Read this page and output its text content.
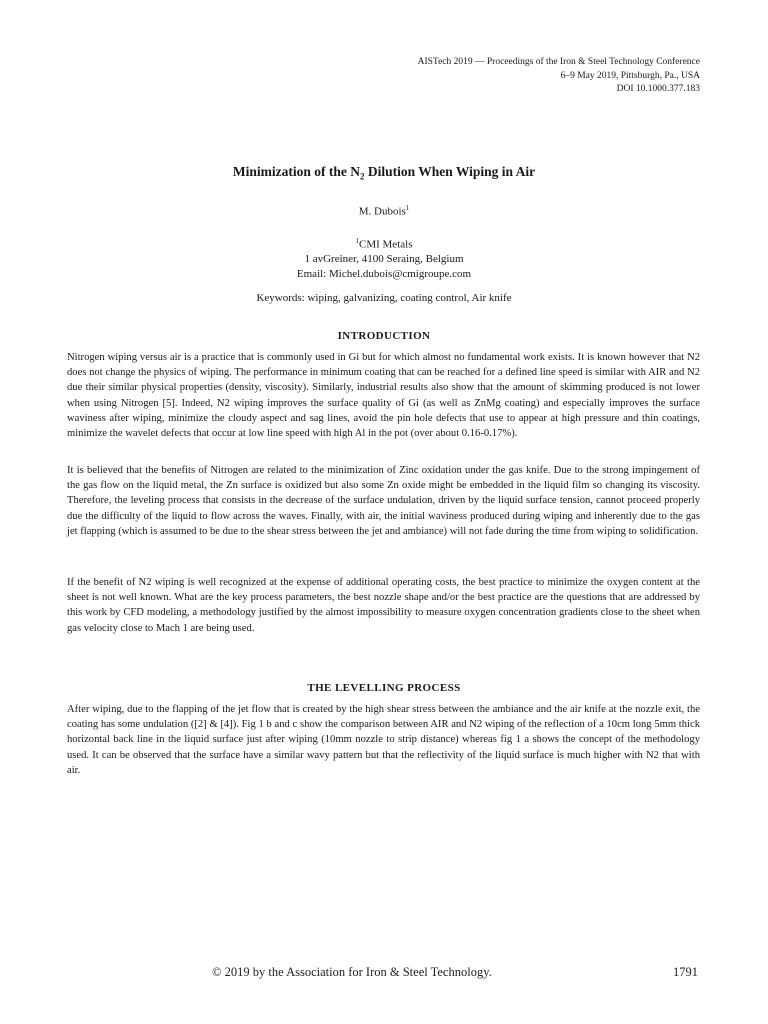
AISTech 2019 — Proceedings of the Iron & Steel Technology Conference
6–9 May 2019, Pittsburgh, Pa., USA
DOI 10.1000.377.183
Minimization of the $N_2$ Dilution When Wiping in Air
M. Dubois$^1$
$^1$CMI Metals
1 avGreiner, 4100 Seraing, Belgium
Email: Michel.dubois@cmigroupe.com
Keywords: wiping, galvanizing, coating control, Air knife
INTRODUCTION

Nitrogen wiping versus air is a practice that is commonly used in Gi but for which almost no fundamental work exists. It is known however that N2 does not change the physics of wiping. The performance in minimum coating that can be reached for a defined line speed is similar with AIR and N2 due their similar physical properties (density, viscosity). Similarly, industrial results also show that the amount of skimming produced is not lower when using Nitrogen [5]. Indeed, N2 wiping improves the surface quality of Gi (as well as ZnMg coating) and especially improves the surface waviness after wiping, minimize the cloudy aspect and sag lines, avoid the pin hole defects that use to appear at high pressure and thin coatings, minimize the wavelet defects that occur at low line speed with high Al in the pot (over about 0.16-0.17%).

It is believed that the benefits of Nitrogen are related to the minimization of Zinc oxidation under the gas knife. Due to the strong impingement of the gas flow on the liquid metal, the Zn surface is oxidized but also some Zn oxide might be embedded in the liquid film so changing its viscosity. Therefore, the leveling process that consists in the decrease of the surface undulation, driven by the liquid surface tension, cannot proceed properly due the difficulty of the liquid to flow across the waves. Finally, with air, the initial waviness produced during wiping and inherently due to the gas jet flapping (which is assumed to be due to the shear stress between the jet and ambiance) will not fade during the time from wiping to solidification.

If the benefit of N2 wiping is well recognized at the expense of additional operating costs, the best practice to minimize the oxygen content at the sheet is not well known. What are the key process parameters, the best nozzle shape and/or the best practice are the questions that are addressed by this work by CFD modeling, a methodology justified by the almost impossibility to measure oxygen concentration gradients close to the sheet when gas velocity close to Mach 1 are being used.

THE LEVELLING PROCESS

After wiping, due to the flapping of the jet flow that is created by the high shear stress between the ambiance and the air knife at the nozzle exit, the coating has some undulation ([2] & [4]). Fig 1 b and c show the comparison between AIR and N2 wiping of the reflection of a 10cm long 5mm thick horizontal back line in the liquid surface just after wiping (10mm nozzle to strip distance) whereas fig 1 a shows the concept of the methodology used. It can be observed that the surface have a similar wavy pattern but that the reflectivity of the liquid surface is much higher with N2 that with air.

© 2019 by the Association for Iron & Steel Technology.	1791
